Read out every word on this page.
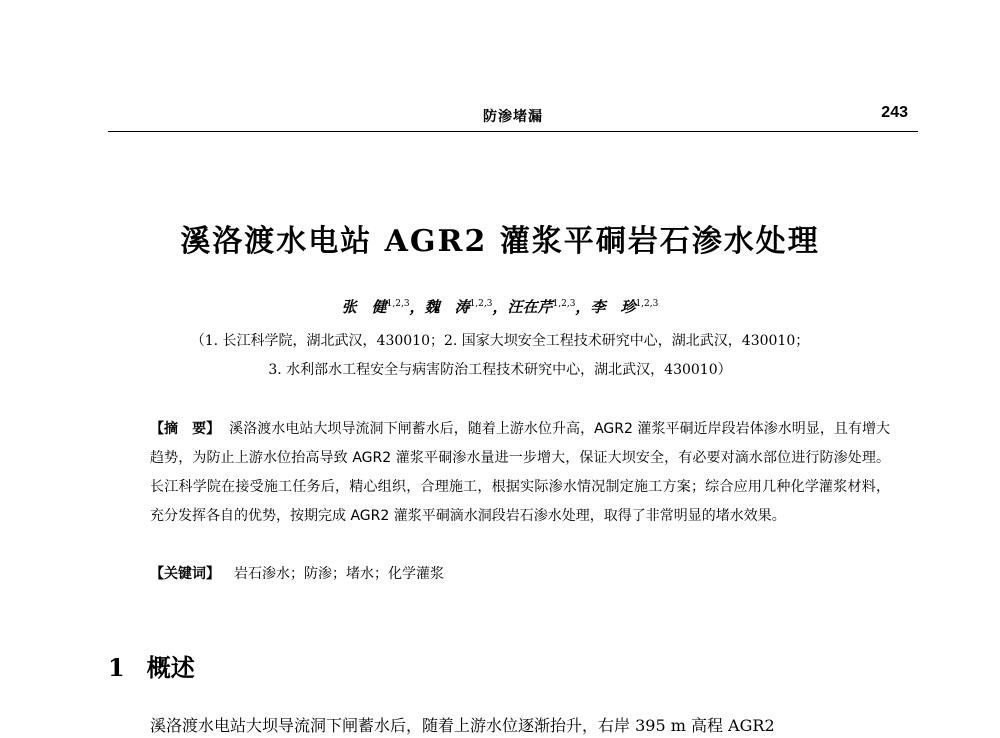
防渗堵漏	243
溪洛渡水电站 AGR2 灌浆平硐岩石渗水处理
张　健$^{1,2,3}$，魏　涛$^{1,2,3}$，汪在芹$^{1,2,3}$，李　珍$^{1,2,3}$
（1. 长江科学院，湖北武汉，430010；2. 国家大坝安全工程技术研究中心，湖北武汉，430010；
3. 水利部水工程安全与病害防治工程技术研究中心，湖北武汉，430010）
【摘　要】 溪洛渡水电站大坝导流洞下闸蓄水后，随着上游水位升高，AGR2 灌浆平硐近岸段岩体渗水明显，且有增大趋势，为防止上游水位抬高导致 AGR2 灌浆平硐渗水量进一步增大，保证大坝安全，有必要对滴水部位进行防渗处理。长江科学院在接受施工任务后，精心组织，合理施工，根据实际渗水情况制定施工方案；综合应用几种化学灌浆材料，充分发挥各自的优势，按期完成 AGR2 灌浆平硐滴水洞段岩石渗水处理，取得了非常明显的堵水效果。
【关键词】 岩石渗水；防渗；堵水；化学灌浆
1 概述
溪洛渡水电站大坝导流洞下闸蓄水后，随着上游水位逐渐抬升，右岸 395 m 高程 AGR2
